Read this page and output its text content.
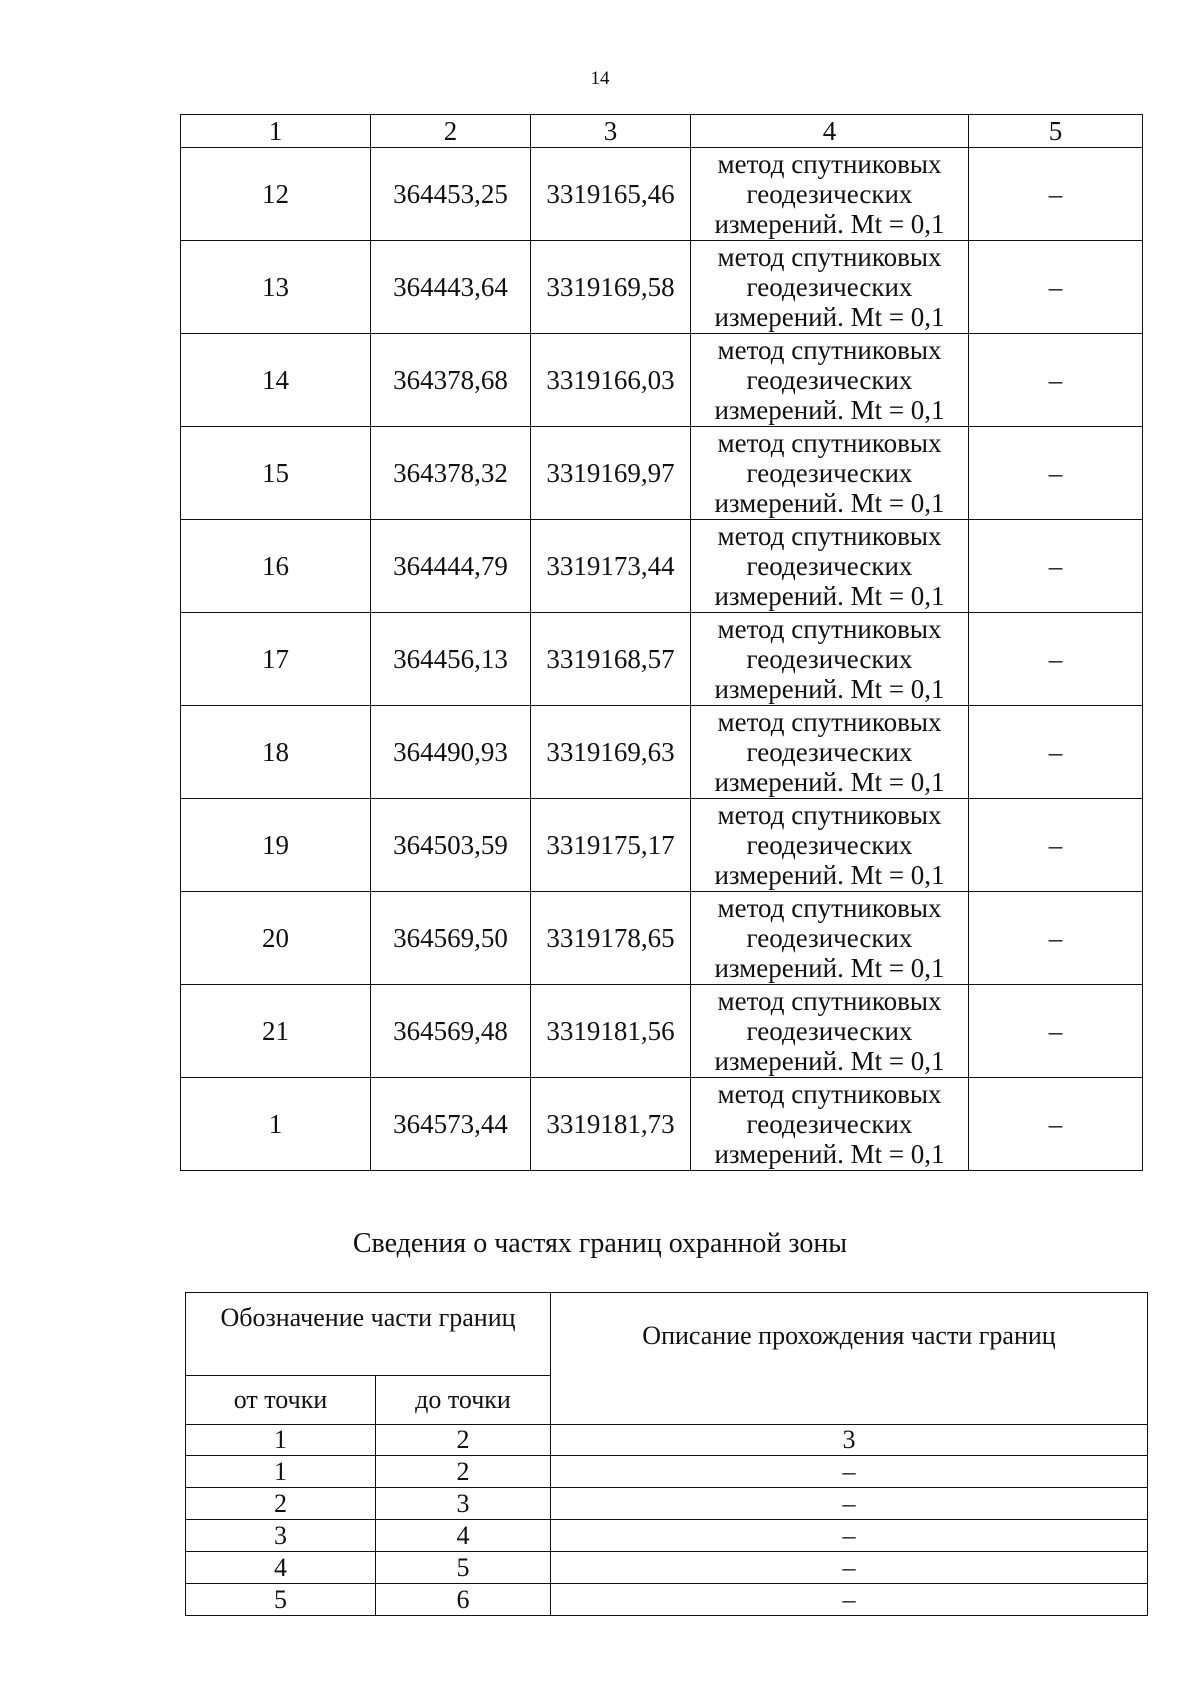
14
1	2	3	4	5
12	364453,25	3319165,46	метод спутниковых
геодезических
измерений. Mt = 0,1	–
13	364443,64	3319169,58	метод спутниковых
геодезических
измерений. Mt = 0,1	–
14	364378,68	3319166,03	метод спутниковых
геодезических
измерений. Mt = 0,1	–
15	364378,32	3319169,97	метод спутниковых
геодезических
измерений. Mt = 0,1	–
16	364444,79	3319173,44	метод спутниковых
геодезических
измерений. Mt = 0,1	–
17	364456,13	3319168,57	метод спутниковых
геодезических
измерений. Mt = 0,1	–
18	364490,93	3319169,63	метод спутниковых
геодезических
измерений. Mt = 0,1	–
19	364503,59	3319175,17	метод спутниковых
геодезических
измерений. Mt = 0,1	–
20	364569,50	3319178,65	метод спутниковых
геодезических
измерений. Mt = 0,1	–
21	364569,48	3319181,56	метод спутниковых
геодезических
измерений. Mt = 0,1	–
1	364573,44	3319181,73	метод спутниковых
геодезических
измерений. Mt = 0,1	–
Сведения о частях границ охранной зоны
Обозначение части границ		Описание прохождения части границ
от точки	до точки	
1	2	3
1	2	–
2	3	–
3	4	–
4	5	–
5	6	–
